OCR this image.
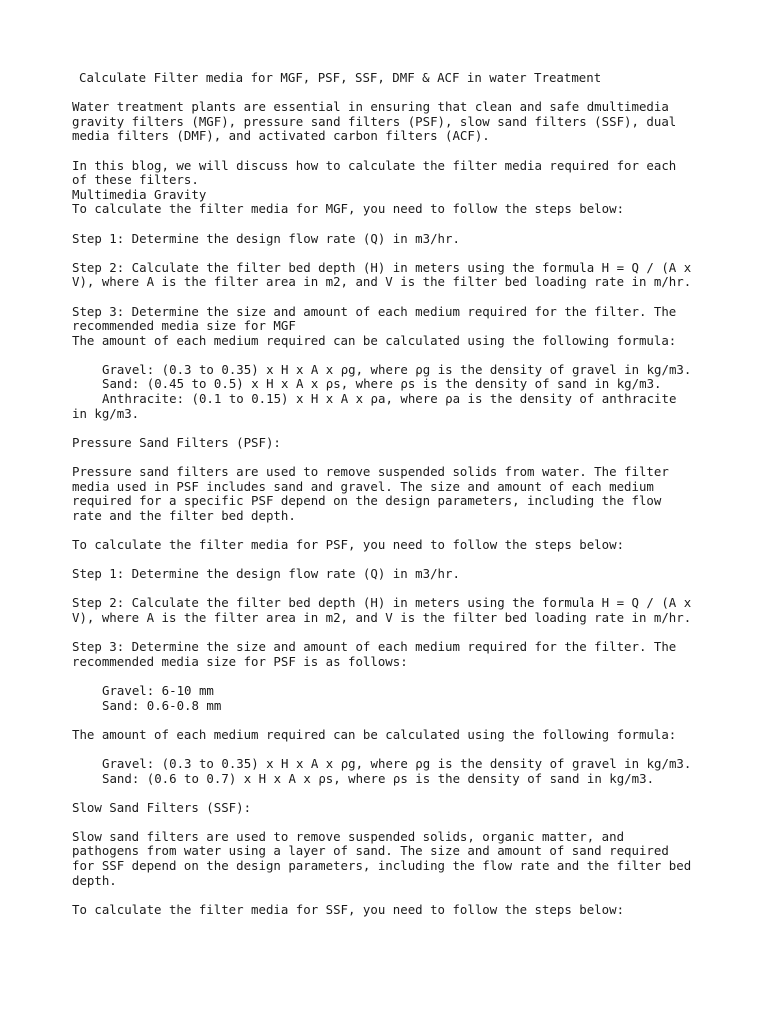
Calculate Filter media for MGF, PSF, SSF, DMF & ACF in water Treatment
Water treatment plants are essential in ensuring that clean and safe dmultimedia
gravity filters (MGF), pressure sand filters (PSF), slow sand filters (SSF), dual
media filters (DMF), and activated carbon filters (ACF).
In this blog, we will discuss how to calculate the filter media required for each
of these filters.
Multimedia Gravity
To calculate the filter media for MGF, you need to follow the steps below:
Step 1: Determine the design flow rate (Q) in m3/hr.
Step 2: Calculate the filter bed depth (H) in meters using the formula H = Q / (A x
V), where A is the filter area in m2, and V is the filter bed loading rate in m/hr.
Step 3: Determine the size and amount of each medium required for the filter. The
recommended media size for MGF
The amount of each medium required can be calculated using the following formula:
Gravel: (0.3 to 0.35) x H x A x ρg, where ρg is the density of gravel in kg/m3.
Sand: (0.45 to 0.5) x H x A x ρs, where ρs is the density of sand in kg/m3.
Anthracite: (0.1 to 0.15) x H x A x ρa, where ρa is the density of anthracite
in kg/m3.
Pressure Sand Filters (PSF):
Pressure sand filters are used to remove suspended solids from water. The filter
media used in PSF includes sand and gravel. The size and amount of each medium
required for a specific PSF depend on the design parameters, including the flow
rate and the filter bed depth.
To calculate the filter media for PSF, you need to follow the steps below:
Step 1: Determine the design flow rate (Q) in m3/hr.
Step 2: Calculate the filter bed depth (H) in meters using the formula H = Q / (A x
V), where A is the filter area in m2, and V is the filter bed loading rate in m/hr.
Step 3: Determine the size and amount of each medium required for the filter. The
recommended media size for PSF is as follows:
Gravel: 6-10 mm
Sand: 0.6-0.8 mm
The amount of each medium required can be calculated using the following formula:
Gravel: (0.3 to 0.35) x H x A x ρg, where ρg is the density of gravel in kg/m3.
Sand: (0.6 to 0.7) x H x A x ρs, where ρs is the density of sand in kg/m3.
Slow Sand Filters (SSF):
Slow sand filters are used to remove suspended solids, organic matter, and
pathogens from water using a layer of sand. The size and amount of sand required
for SSF depend on the design parameters, including the flow rate and the filter bed
depth.
To calculate the filter media for SSF, you need to follow the steps below:
